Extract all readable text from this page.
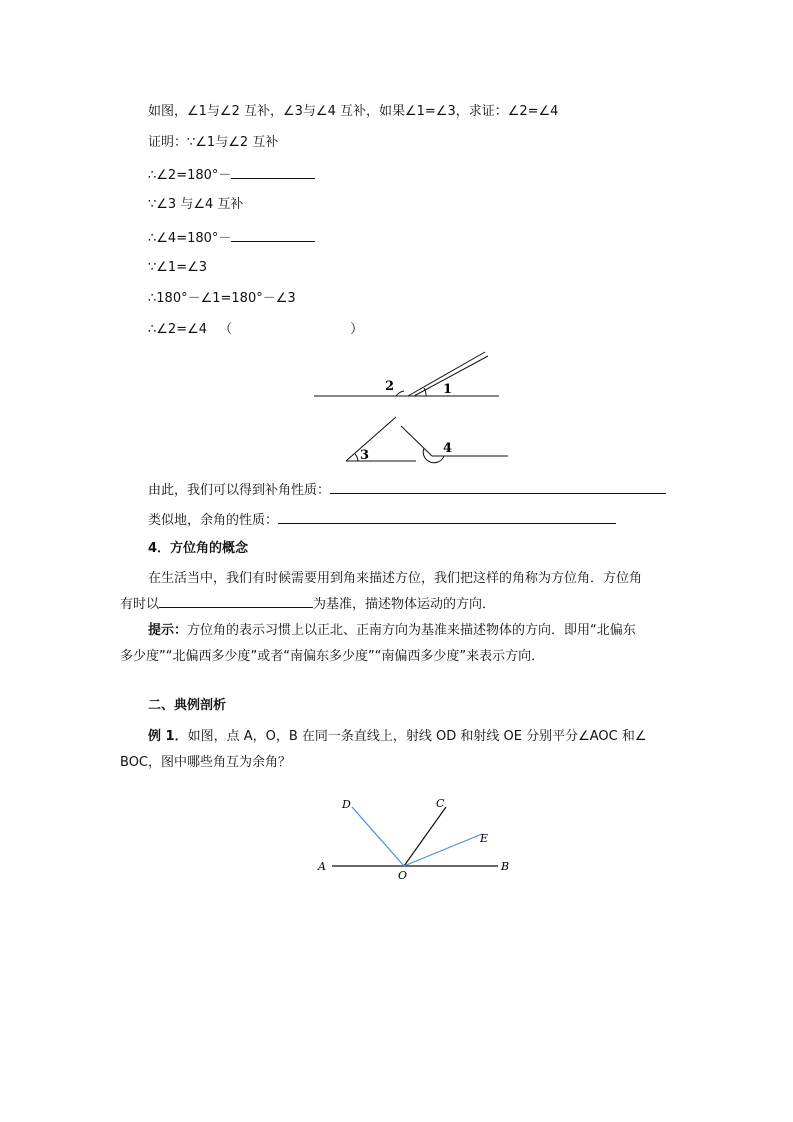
如图，∠1与∠2 互补，∠3与∠4 互补，如果∠1=∠3，求证：∠2=∠4
证明：∵∠1与∠2 互补
∴∠2=180°－
∵∠3 与∠4 互补
∴∠4=180°－
∵∠1=∠3
∴180°－∠1=180°－∠3
∴∠2=∠4 （	）
2	1
3	4
由此，我们可以得到补角性质：
类似地，余角的性质：
4．方位角的概念
在生活当中，我们有时候需要用到角来描述方位，我们把这样的角称为方位角．方位角
有时以	为基准，描述物体运动的方向．
提示：方位角的表示习惯上以正北、正南方向为基准来描述物体的方向．即用“北偏东
多少度”“北偏西多少度”或者“南偏东多少度”“南偏西多少度”来表示方向．
二、典例剖析
例 1．如图，点 A，O，B 在同一条直线上，射线 OD 和射线 OE 分别平分∠AOC 和∠
BOC，图中哪些角互为余角？
A
O
B
C
D
E
